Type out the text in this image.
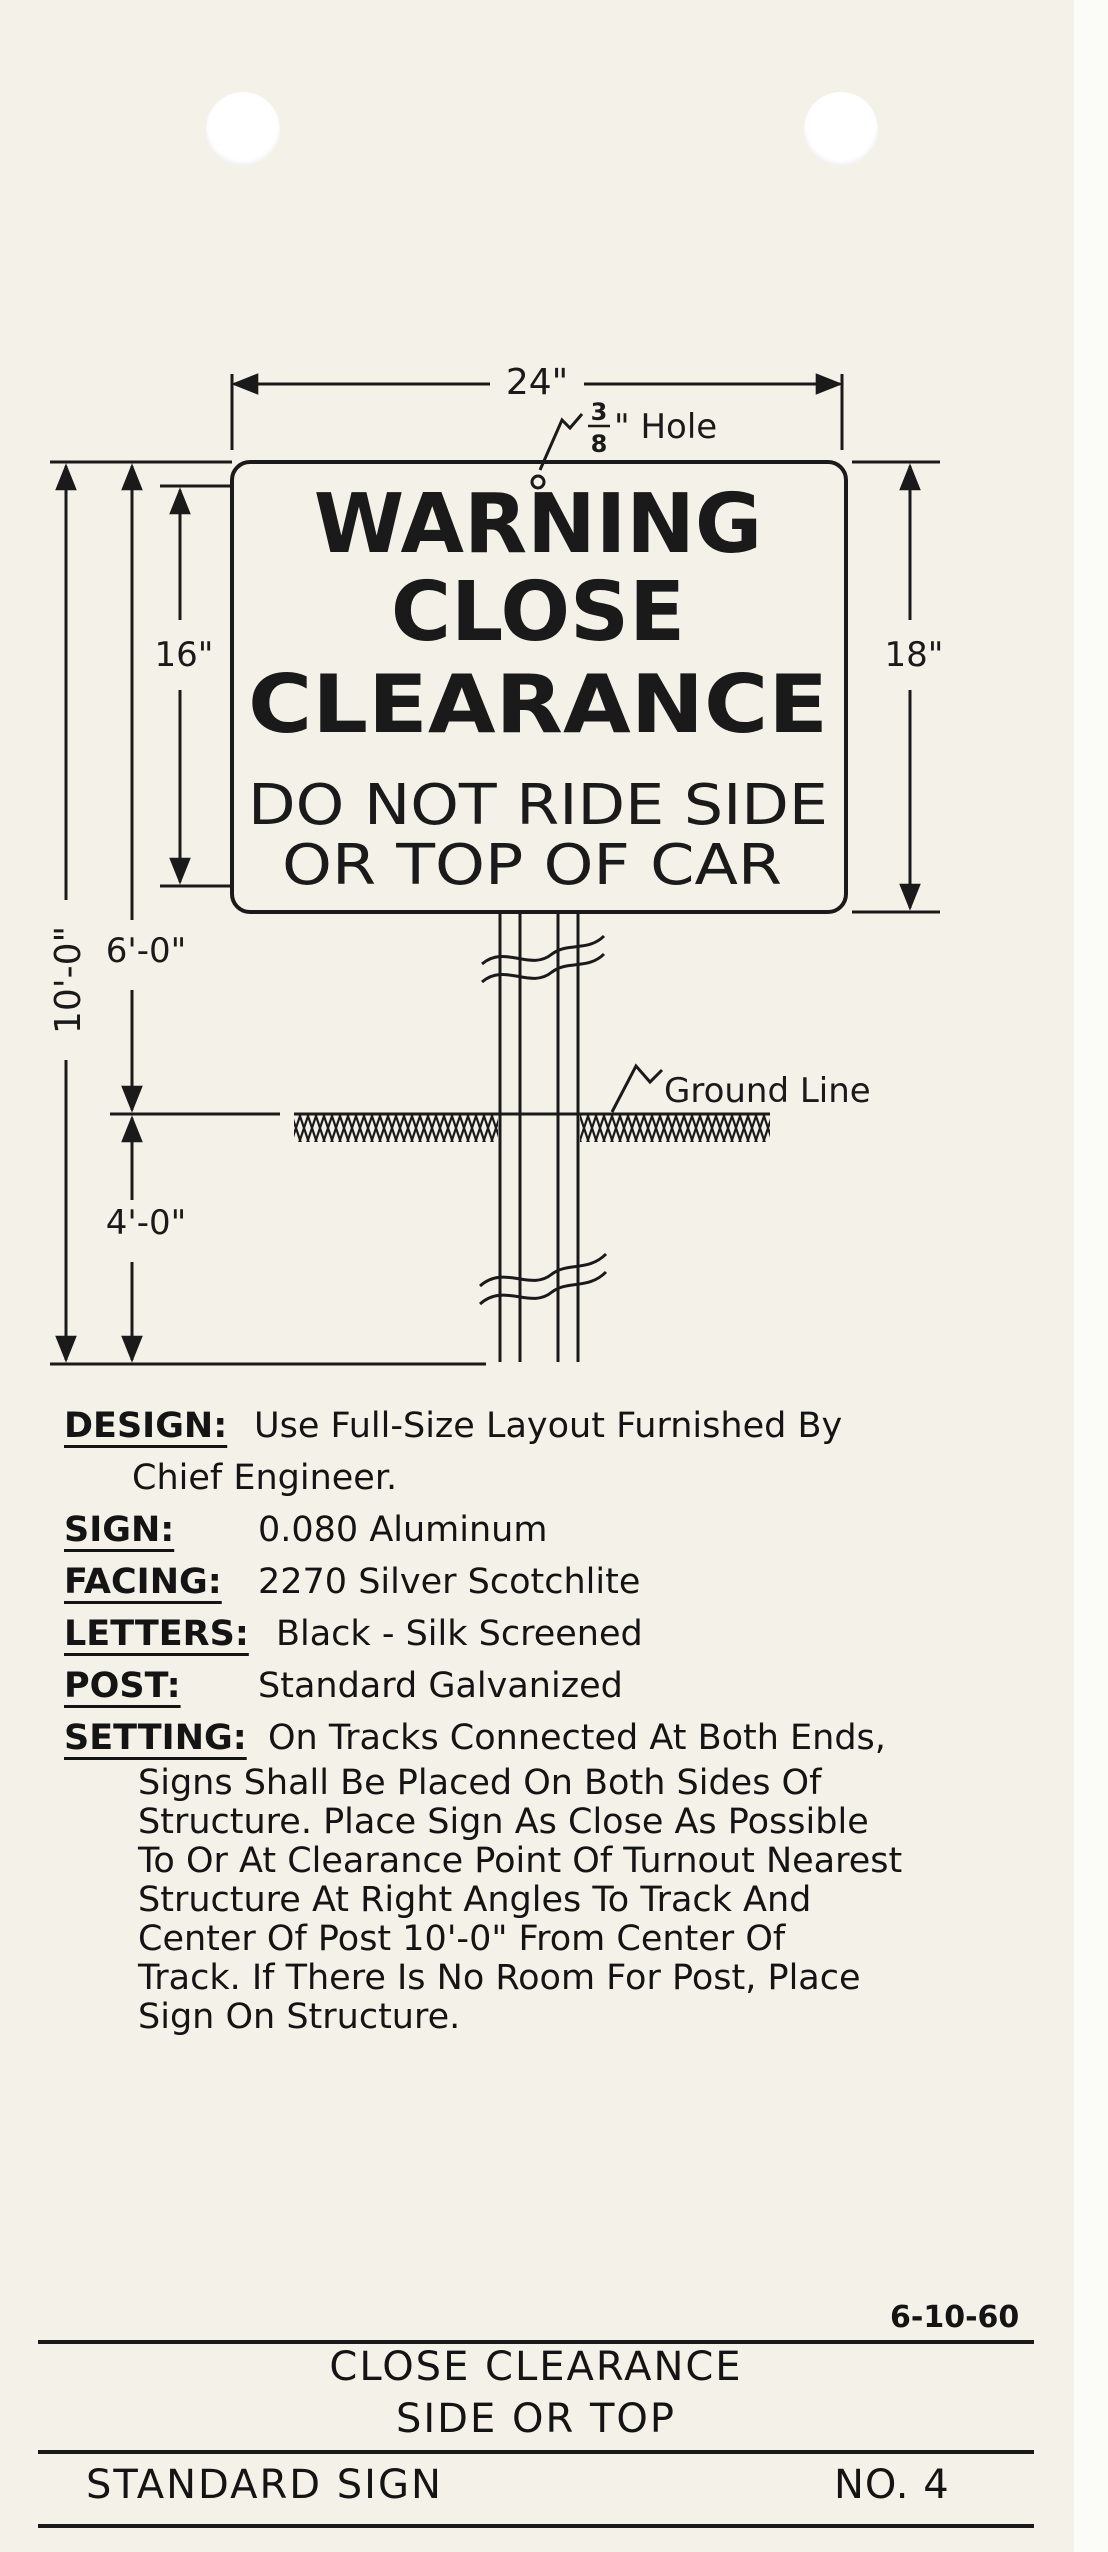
24"
3
8 " Hole
WARNING
CLOSE
CLEARANCE
DO NOT RIDE SIDE
OR TOP OF CAR
16"	18"
6'-0"
4'-0"
10'-0"
Ground Line
DESIGN: Use Full-Size Layout Furnished By
Chief Engineer.
SIGN: 0.080 Aluminum
FACING: 2270 Silver Scotchlite
LETTERS: Black - Silk Screened
POST: Standard Galvanized
SETTING: On Tracks Connected At Both Ends,
Signs Shall Be Placed On Both Sides Of
Structure. Place Sign As Close As Possible
To Or At Clearance Point Of Turnout Nearest
Structure At Right Angles To Track And
Center Of Post 10'-0" From Center Of
Track. If There Is No Room For Post, Place
Sign On Structure.
6-10-60
CLOSE CLEARANCE
SIDE OR TOP
STANDARD SIGN	NO. 4
